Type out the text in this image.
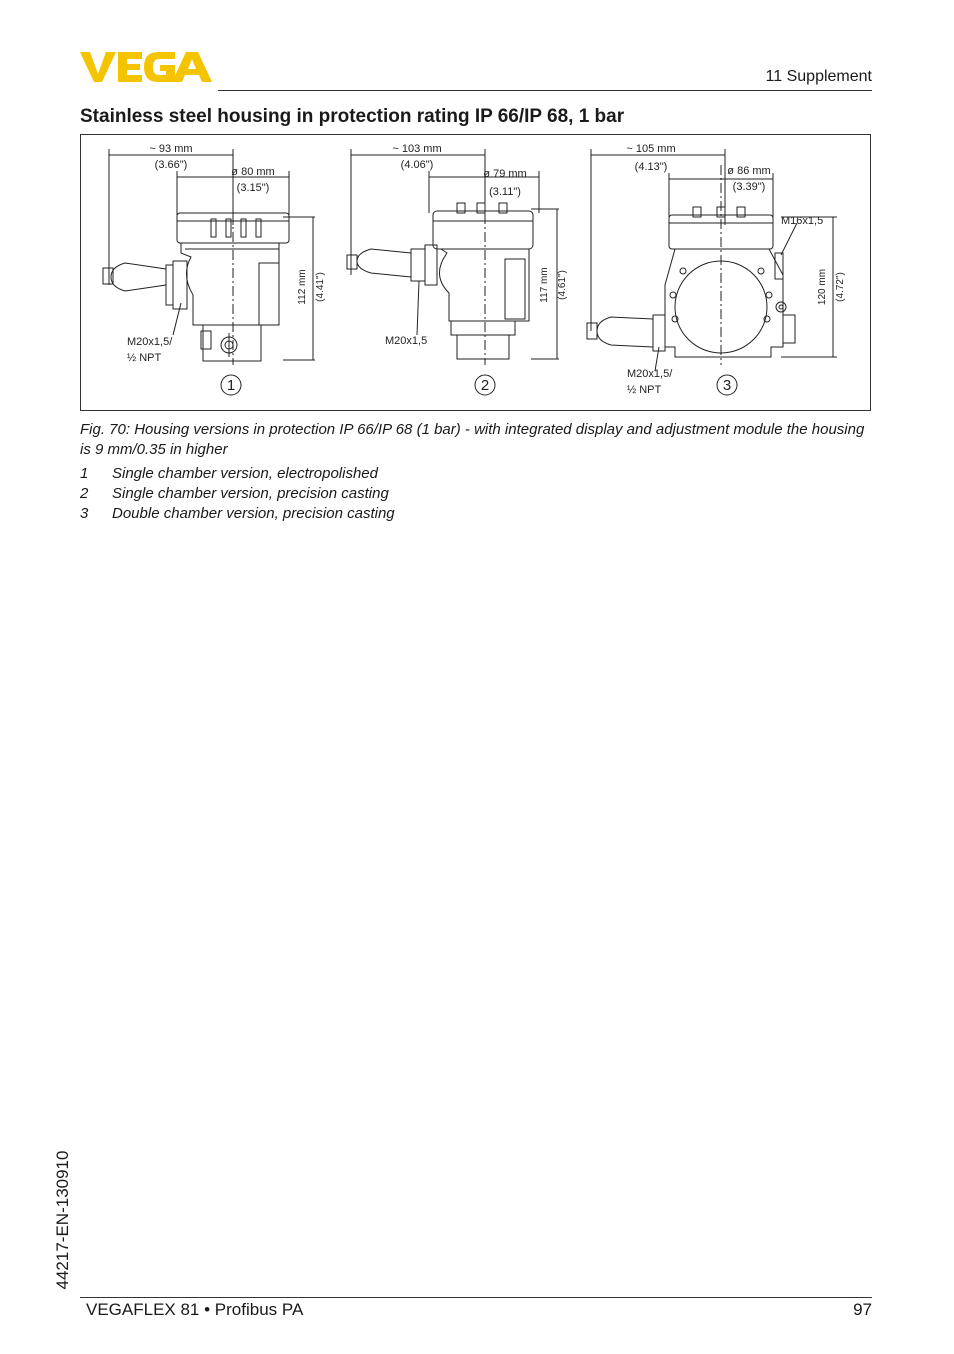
11 Supplement
Stainless steel housing in protection rating IP 66/IP 68, 1 bar
~ 93 mm
(3.66")
ø 80 mm
(3.15")
112 mm (4.41")
M20x1,5/
½ NPT
~ 103 mm
(4.06")
ø 79 mm
(3.11")
117 mm (4.61")
M20x1,5
~ 105 mm
(4.13")	ø 86 mm
(3.39")
M16x1,5
120 mm (4.72")
M20x1,5/
½ NPT
1	2	3
Fig. 70: Housing versions in protection IP 66/IP 68 (1 bar) - with integrated display and adjustment module the housing is 9 mm/0.35 in higher
1 Single chamber version, electropolished
2 Single chamber version, precision casting
3 Double chamber version, precision casting
44217-EN-130910
VEGAFLEX 81 • Profibus PA	97
